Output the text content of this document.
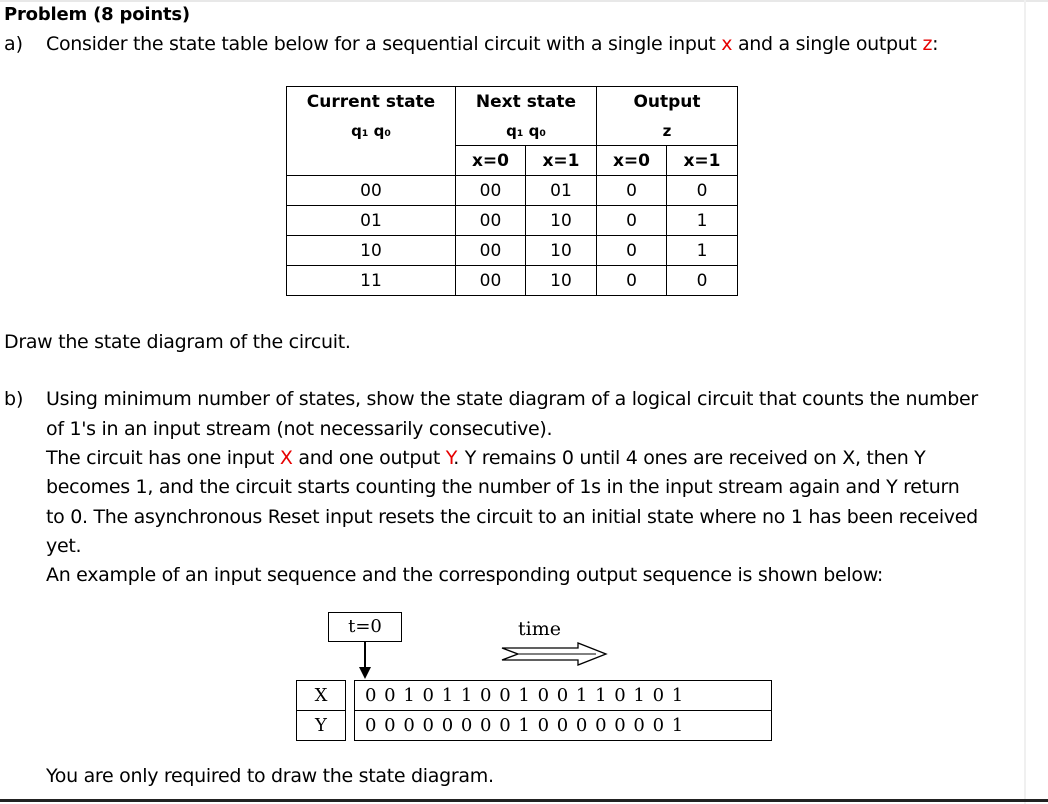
Problem (8 points)
a) Consider the state table below for a sequential circuit with a single input x and a single output z:
Current state	Next state		Output	
q₁ q₀	q₁ q₀		z	
	x=0	x=1	x=0	x=1
00	00	01	0	0
01	00	10	0	1
10	00	10	0	1
11	00	10	0	0
Draw the state diagram of the circuit.
b) Using minimum number of states, show the state diagram of a logical circuit that counts the number
of 1's in an input stream (not necessarily consecutive).
The circuit has one input X and one output Y. Y remains 0 until 4 ones are received on X, then Y
becomes 1, and the circuit starts counting the number of 1s in the input stream again and Y return
to 0. The asynchronous Reset input resets the circuit to an initial state where no 1 has been received
yet.
An example of an input sequence and the corresponding output sequence is shown below:
t=0	time
X		0 0 1 0 1 1 0 0 1 0 0 1 1 0 1 0 1
Y		0 0 0 0 0 0 0 0 1 0 0 0 0 0 0 0 1
You are only required to draw the state diagram.
